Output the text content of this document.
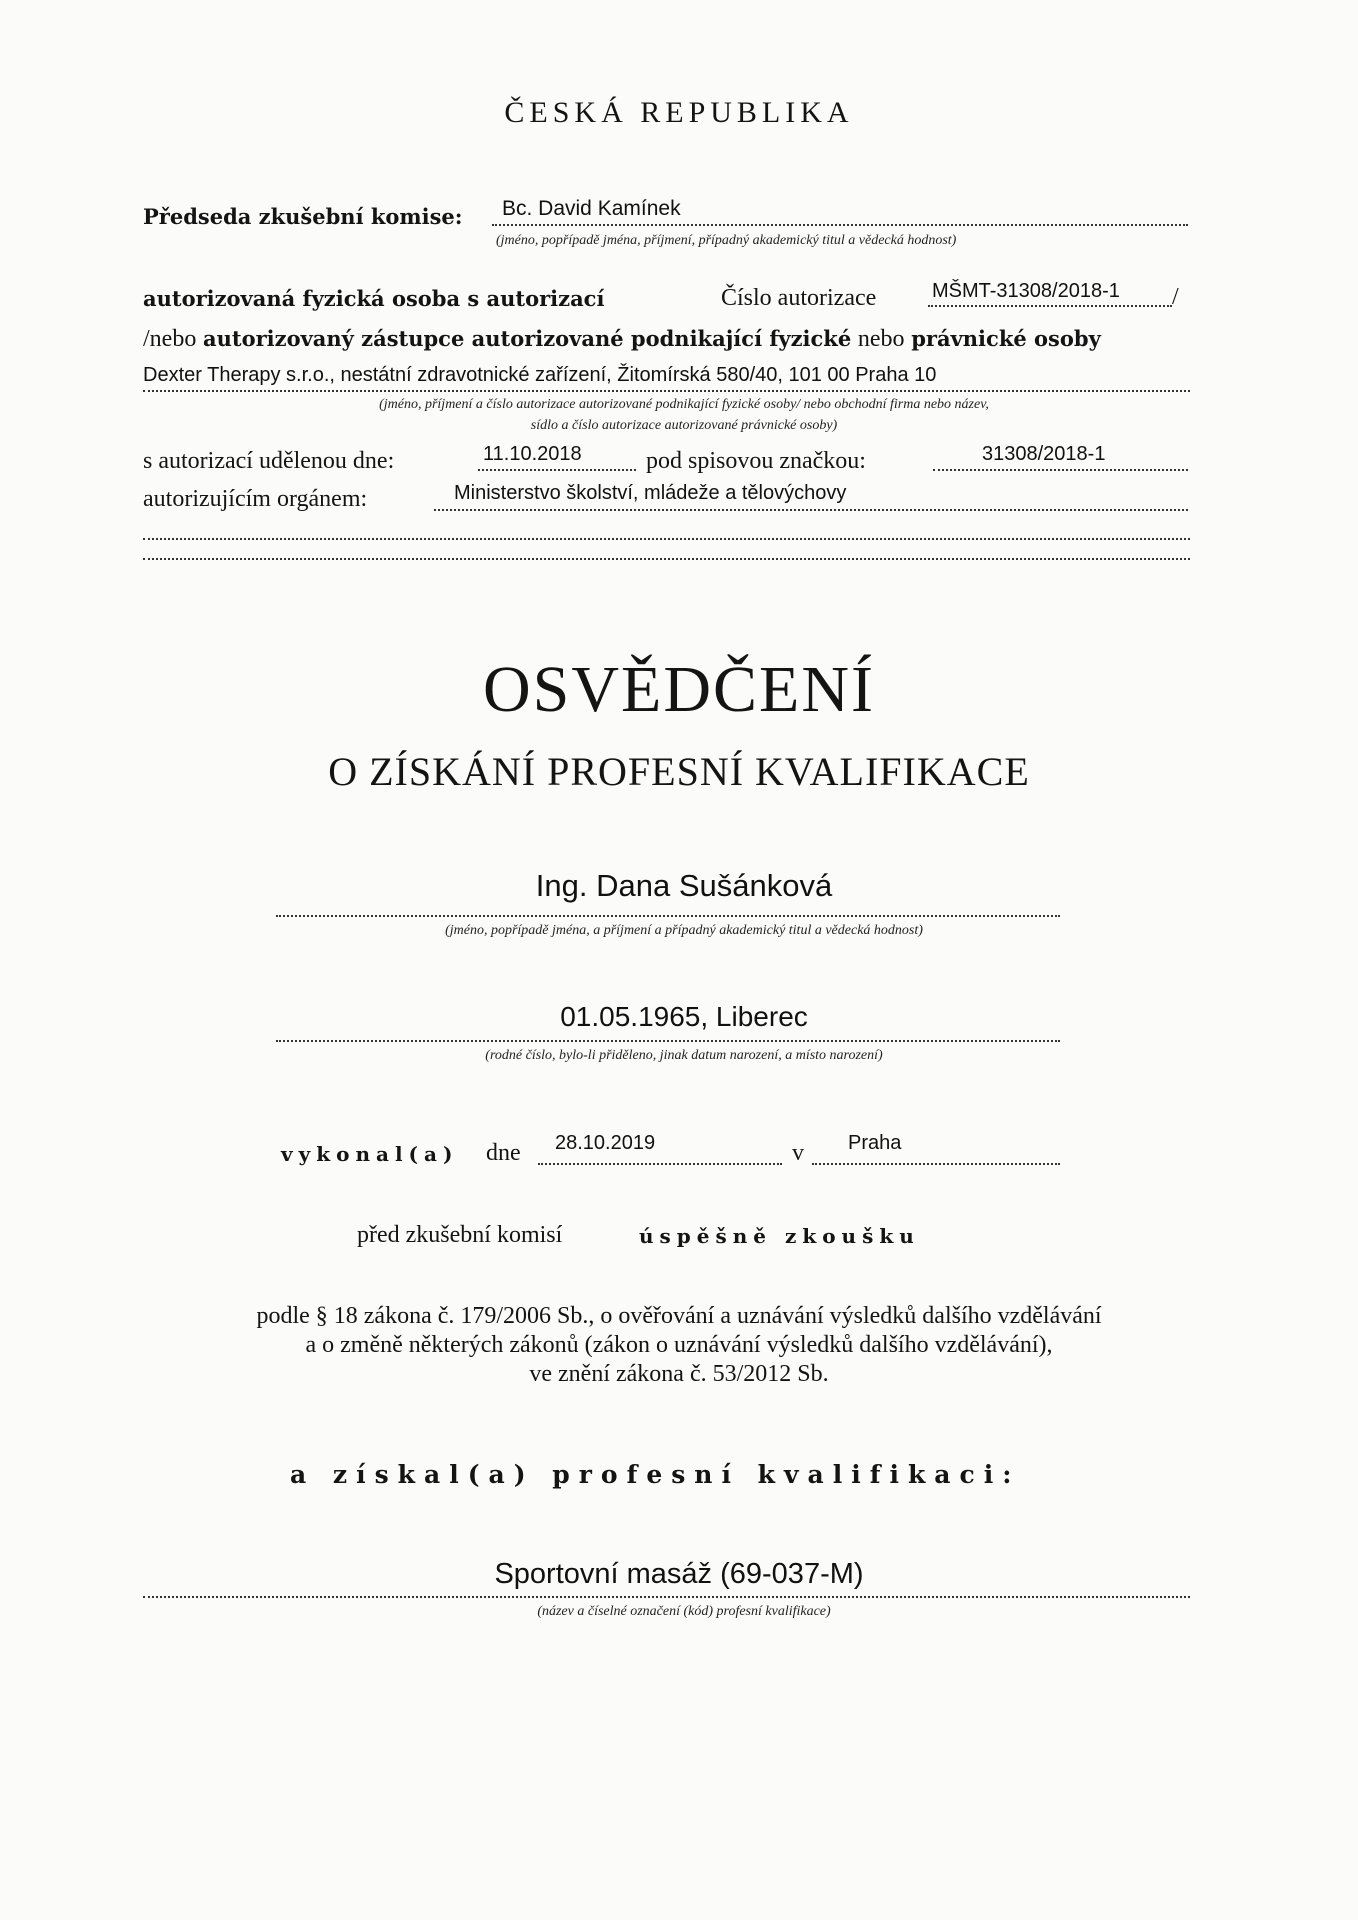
ČESKÁ REPUBLIKA
Předseda zkušební komise: Bc. David Kamínek
(jméno, popřípadě jména, příjmení, případný akademický titul a vědecká hodnost)
autorizovaná fyzická osoba s autorizací	Číslo autorizace	MŠMT-31308/2018-1 /
/nebo autorizovaný zástupce autorizované podnikající fyzické nebo právnické osoby
Dexter Therapy s.r.o., nestátní zdravotnické zařízení, Žitomírská 580/40, 101 00 Praha 10
(jméno, příjmení a číslo autorizace autorizované podnikající fyzické osoby/ nebo obchodní firma nebo název,
sídlo a číslo autorizace autorizované právnické osoby)
s autorizací udělenou dne:	11.10.2018	pod spisovou značkou:	31308/2018-1
autorizujícím orgánem:	Ministerstvo školství, mládeže a tělovýchovy
OSVĚDČENÍ
O ZÍSKÁNÍ PROFESNÍ KVALIFIKACE
Ing. Dana Sušánková
(jméno, popřípadě jména, a příjmení a případný akademický titul a vědecká hodnost)
01.05.1965, Liberec
(rodné číslo, bylo-li přiděleno, jinak datum narození, a místo narození)
vykonal(a) dne 28.10.2019	v Praha
před zkušební komisí	úspěšně zkoušku
podle § 18 zákona č. 179/2006 Sb., o ověřování a uznávání výsledků dalšího vzdělávání
a o změně některých zákonů (zákon o uznávání výsledků dalšího vzdělávání),
ve znění zákona č. 53/2012 Sb.
a získal(a) profesní kvalifikaci:
Sportovní masáž (69-037-M)
(název a číselné označení (kód) profesní kvalifikace)
